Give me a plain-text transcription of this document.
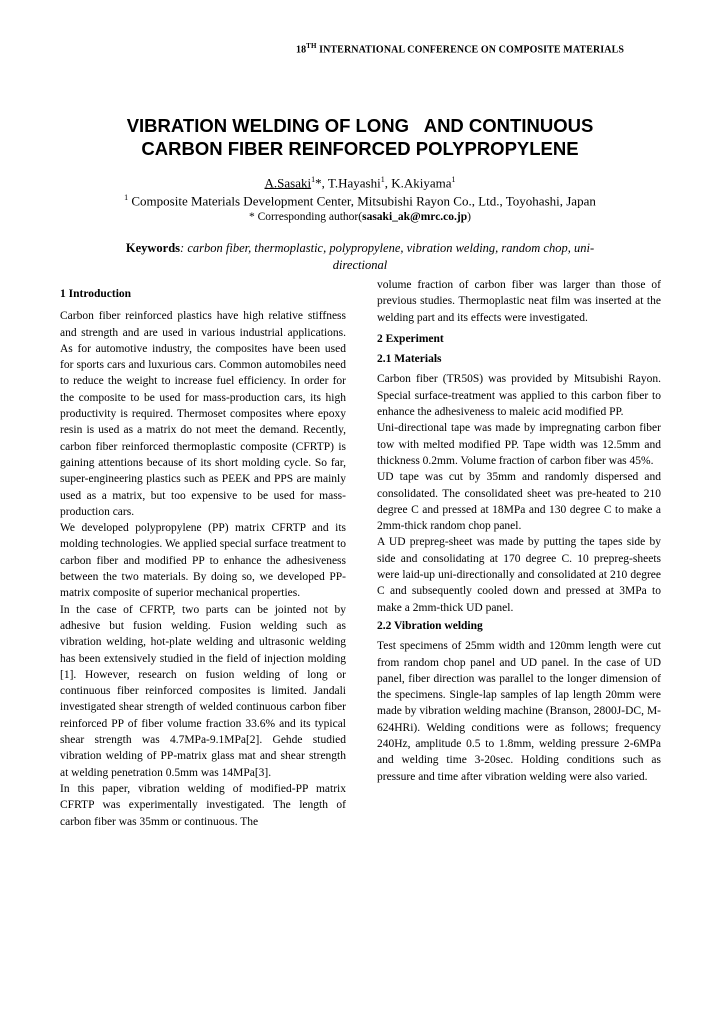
18TH INTERNATIONAL CONFERENCE ON COMPOSITE MATERIALS
VIBRATION WELDING OF LONG   AND CONTINUOUS
CARBON FIBER REINFORCED POLYPROPYLENE
A.Sasaki$^1$*, T.Hayashi$^1$, K.Akiyama$^1$
$^1$ Composite Materials Development Center, Mitsubishi Rayon Co., Ltd., Toyohashi, Japan
* Corresponding author(sasaki_ak@mrc.co.jp)
Keywords: carbon fiber, thermoplastic, polypropylene, vibration welding, random chop, uni-directional
1 Introduction

Carbon fiber reinforced plastics have high relative stiffness and strength and are used in various industrial applications. As for automotive industry, the composites have been used for sports cars and luxurious cars. Common automobiles need to reduce the weight to increase fuel efficiency. In order for the composite to be used for mass-production cars, its high productivity is required. Thermoset composites where epoxy resin is used as a matrix do not meet the demand. Recently, carbon fiber reinforced thermoplastic composite (CFRTP) is gaining attentions because of its short molding cycle. So far, super-engineering plastics such as PEEK and PPS are mainly used as a matrix, but too expensive to be used for mass-production cars.

We developed polypropylene (PP) matrix CFRTP and its molding technologies. We applied special surface treatment to carbon fiber and modified PP to enhance the adhesiveness between the two materials. By doing so, we developed PP-matrix composite of superior mechanical properties.

In the case of CFRTP, two parts can be jointed not by adhesive but fusion welding. Fusion welding such as vibration welding, hot-plate welding and ultrasonic welding has been extensively studied in the field of injection molding [1]. However, research on fusion welding of long or continuous fiber reinforced composites is limited. Jandali investigated shear strength of welded continuous carbon fiber reinforced PP of fiber volume fraction 33.6% and its typical shear strength was 4.7MPa-9.1MPa[2]. Gehde studied vibration welding of PP-matrix glass mat and shear strength at welding penetration 0.5mm was 14MPa[3].

In this paper, vibration welding of modified-PP matrix CFRTP was experimentally investigated. The length of carbon fiber was 35mm or continuous. The

volume fraction of carbon fiber was larger than those of previous studies. Thermoplastic neat film was inserted at the welding part and its effects were investigated.

2 Experiment
2.1 Materials

Carbon fiber (TR50S) was provided by Mitsubishi Rayon. Special surface-treatment was applied to this carbon fiber to enhance the adhesiveness to maleic acid modified PP.

Uni-directional tape was made by impregnating carbon fiber tow with melted modified PP. Tape width was 12.5mm and thickness 0.2mm. Volume fraction of carbon fiber was 45%.

UD tape was cut by 35mm and randomly dispersed and consolidated. The consolidated sheet was pre-heated to 210 degree C and pressed at 18MPa and 130 degree C to make a 2mm-thick random chop panel.

A UD prepreg-sheet was made by putting the tapes side by side and consolidating at 170 degree C. 10 prepreg-sheets were laid-up uni-directionally and consolidated at 210 degree C and subsequently cooled down and pressed at 3MPa to make a 2mm-thick UD panel.

2.2 Vibration welding

Test specimens of 25mm width and 120mm length were cut from random chop panel and UD panel. In the case of UD panel, fiber direction was parallel to the longer dimension of the specimens. Single-lap samples of lap length 20mm were made by vibration welding machine (Branson, 2800J-DC, M-624HRi). Welding conditions were as follows; frequency 240Hz, amplitude 0.5 to 1.8mm, welding pressure 2-6MPa and welding time 3-20sec. Holding conditions such as pressure and time after vibration welding were also varied.
